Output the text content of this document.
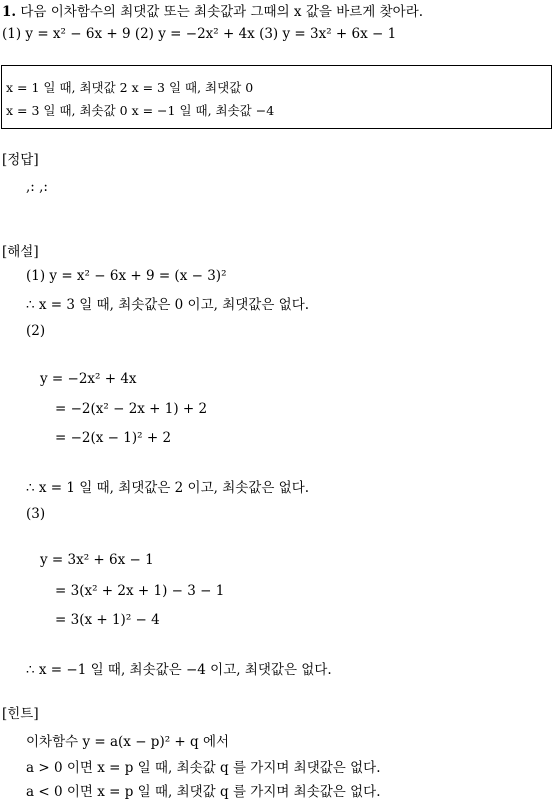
1. 다음 이차함수의 최댓값 또는 최솟값과 그때의 x 값을 바르게 찾아라.
(1) y = x² − 6x + 9 (2) y = −2x² + 4x (3) y = 3x² + 6x − 1
x = 1 일 때, 최댓값 2 x = 3 일 때, 최댓값 0
x = 3 일 때, 최솟값 0 x = −1 일 때, 최솟값 −4
[정답]
,: ,:
[해설]
(1) y = x² − 6x + 9 = (x − 3)²
∴ x = 3 일 때, 최솟값은 0 이고, 최댓값은 없다.
(2)
y = −2x² + 4x
= −2(x² − 2x + 1) + 2
= −2(x − 1)² + 2
∴ x = 1 일 때, 최댓값은 2 이고, 최솟값은 없다.
(3)
y = 3x² + 6x − 1
= 3(x² + 2x + 1) − 3 − 1
= 3(x + 1)² − 4
∴ x = −1 일 때, 최솟값은 −4 이고, 최댓값은 없다.
[힌트]
이차함수 y = a(x − p)² + q 에서
a > 0 이면 x = p 일 때, 최솟값 q 를 가지며 최댓값은 없다.
a < 0 이면 x = p 일 때, 최댓값 q 를 가지며 최솟값은 없다.
